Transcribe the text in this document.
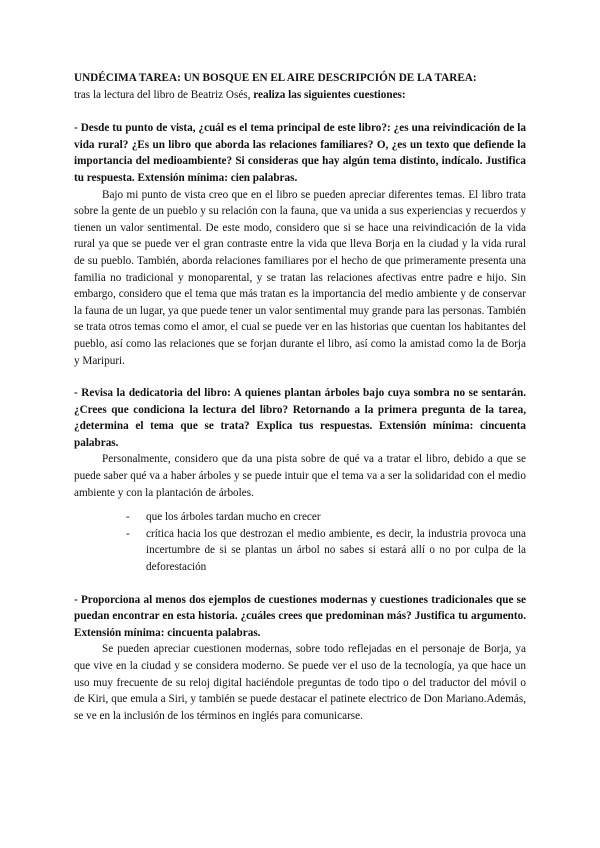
UNDÉCIMA TAREA: UN BOSQUE EN EL AIRE DESCRIPCIÓN DE LA TAREA:

tras la lectura del libro de Beatriz Osés, realiza las siguientes cuestiones:

- Desde tu punto de vista, ¿cuál es el tema principal de este libro?: ¿es una reivindicación de la vida rural? ¿Es un libro que aborda las relaciones familiares? O, ¿es un texto que defiende la importancia del medioambiente? Si consideras que hay algún tema distinto, indícalo. Justifica tu respuesta. Extensión mínima: cien palabras.

Bajo mi punto de vista creo que en el libro se pueden apreciar diferentes temas. El libro trata sobre la gente de un pueblo y su relación con la fauna, que va unida a sus experiencias y recuerdos y tienen un valor sentimental. De este modo, considero que si se hace una reivindicación de la vida rural ya que se puede ver el gran contraste entre la vida que lleva Borja en la ciudad y la vida rural de su pueblo. También, aborda relaciones familiares por el hecho de que primeramente presenta una familia no tradicional y monoparental, y se tratan las relaciones afectivas entre padre e hijo. Sin embargo, considero que el tema que más tratan es la importancia del medio ambiente y de conservar la fauna de un lugar, ya que puede tener un valor sentimental muy grande para las personas. También se trata otros temas como el amor, el cual se puede ver en las historias que cuentan los habitantes del pueblo, así como las relaciones que se forjan durante el libro, así como la amistad como la de Borja y Maripuri.

- Revisa la dedicatoria del libro: A quienes plantan árboles bajo cuya sombra no se sentarán. ¿Crees que condiciona la lectura del libro? Retornando a la primera pregunta de la tarea, ¿determina el tema que se trata? Explica tus respuestas. Extensión mínima: cincuenta palabras.

Personalmente, considero que da una pista sobre de qué va a tratar el libro, debido a que se puede saber qué va a haber árboles y se puede intuir que el tema va a ser la solidaridad con el medio ambiente y con la plantación de árboles.

- que los árboles tardan mucho en crecer
- crítica hacia los que destrozan el medio ambiente, es decir, la industria provoca una incertumbre de si se plantas un árbol no sabes si estará allí o no por culpa de la deforestación

- Proporciona al menos dos ejemplos de cuestiones modernas y cuestiones tradicionales que se puedan encontrar en esta historia. ¿cuáles crees que predominan más? Justifica tu argumento. Extensión mínima: cincuenta palabras.

Se pueden apreciar cuestionen modernas, sobre todo reflejadas en el personaje de Borja, ya que vive en la ciudad y se considera moderno. Se puede ver el uso de la tecnología, ya que hace un uso muy frecuente de su reloj digital haciéndole preguntas de todo tipo o del traductor del móvil o de Kiri, que emula a Siri, y también se puede destacar el patinete electrico de Don Mariano.Además, se ve en la inclusión de los términos en inglés para comunicarse.
